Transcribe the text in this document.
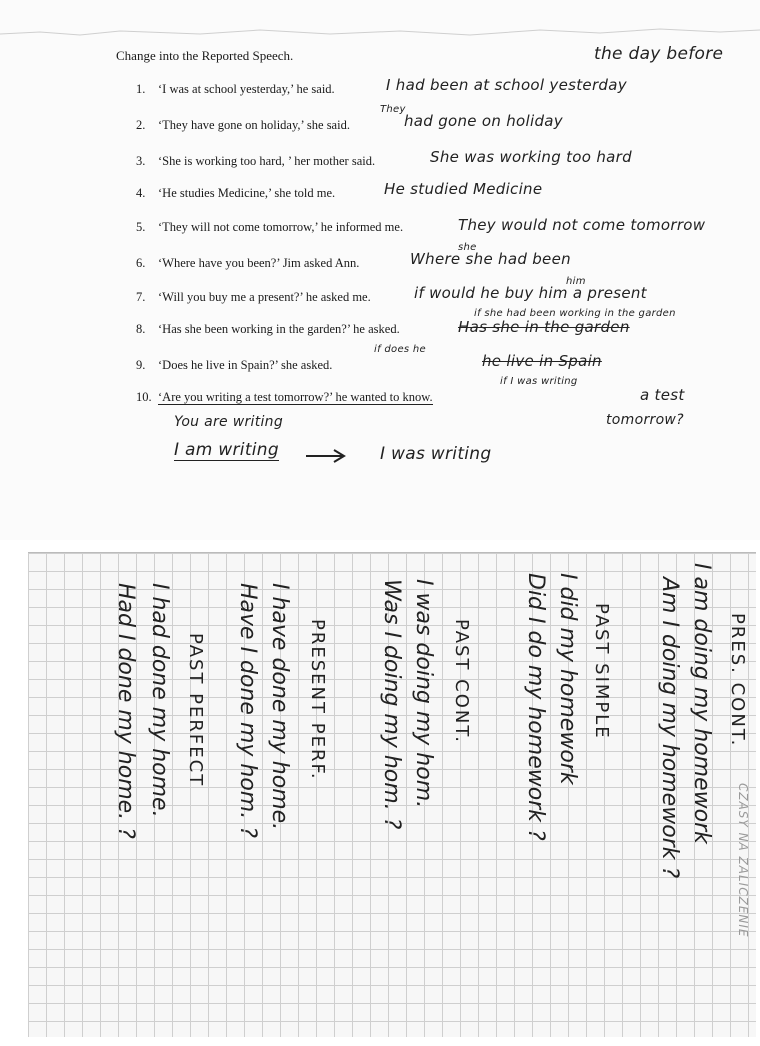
Change into the Reported Speech.	the day before
1. ‘I was at school yesterday,’ he said.	I had been at school yesterday
They
2. ‘They have gone on holiday,’ she said.	had gone on holiday
3. ‘She is working too hard, ’ her mother said.	She was working too hard
4. ‘He studies Medicine,’ she told me.	He studied Medicine
5. ‘They will not come tomorrow,’ he informed me.	They would not come tomorrow
she
6. ‘Where have you been?’ Jim asked Ann.	Where she had been
him
7. ‘Will you buy me a present?’ he asked me.	if would he buy him a present
if she had been working in the garden
8. ‘Has she been working in the garden?’ he asked.	Has she in the garden
if does he
9. ‘Does he live in Spain?’ she asked.	he live in Spain
if I was writing
10. ‘Are you writing a test tomorrow?’ he wanted to know.	a test
You are writing
I am writing	I was writing
tomorrow?
PRES. CONT.
I am doing my homework
Am I doing my homework ?
PAST SIMPLE
I did my homework
Did I do my homework ?
PAST CONT.
I was doing my hom.
Was I doing my hom. ?
PRESENT PERF.
I have done my home.
Have I done my hom. ?
PAST PERFECT
I had done my home.
Had I done my home. ?
CZASY NA ZALICZENIE
